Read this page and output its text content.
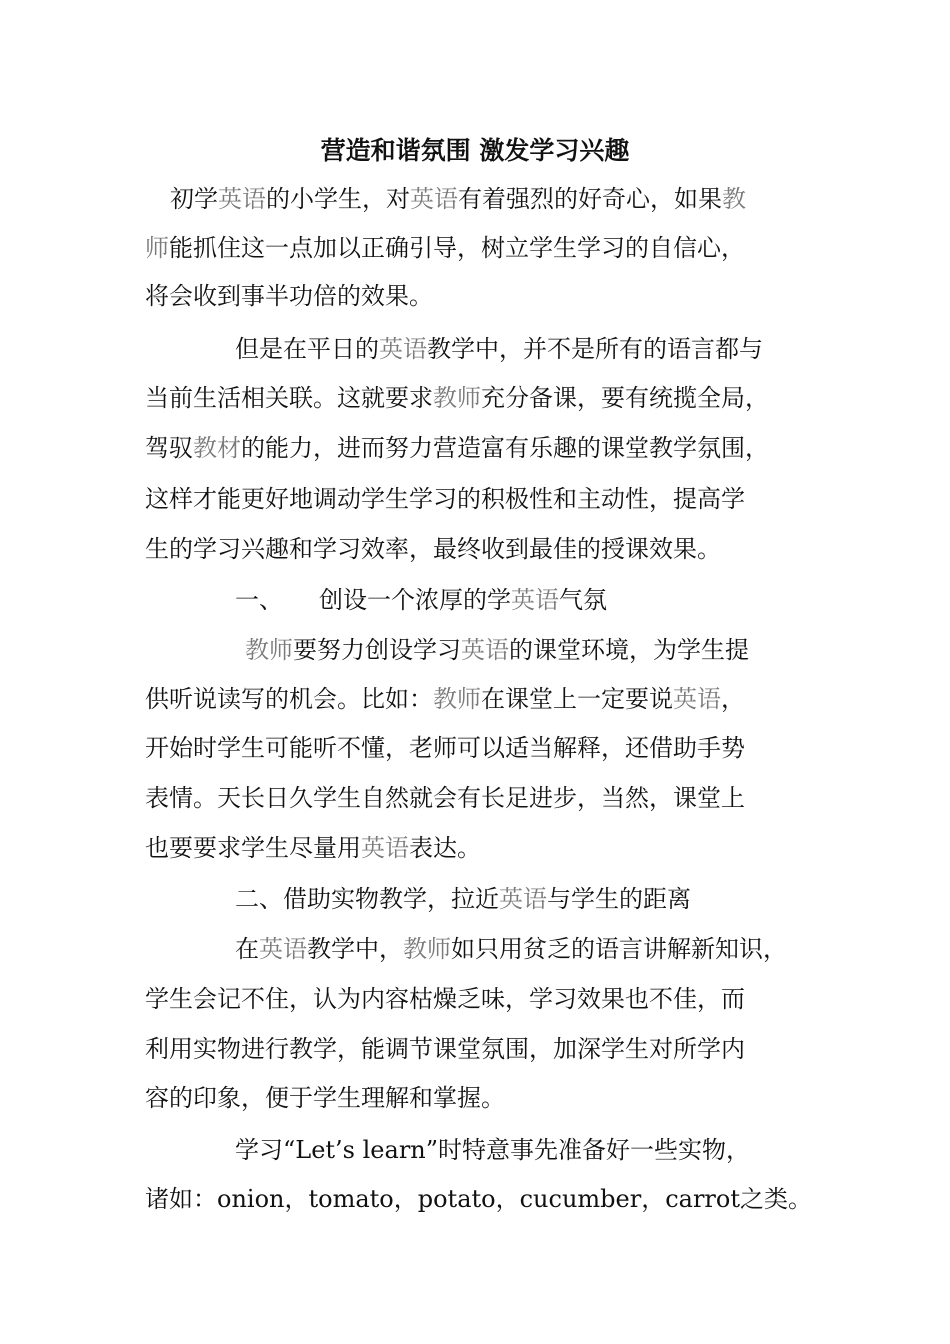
营造和谐氛围 激发学习兴趣
初学英语的小学生，对英语有着强烈的好奇心，如果教
师能抓住这一点加以正确引导，树立学生学习的自信心，
将会收到事半功倍的效果。
但是在平日的英语教学中，并不是所有的语言都与
当前生活相关联。这就要求教师充分备课，要有统揽全局，
驾驭教材的能力，进而努力营造富有乐趣的课堂教学氛围，
这样才能更好地调动学生学习的积极性和主动性，提高学
生的学习兴趣和学习效率，最终收到最佳的授课效果。
一、 创设一个浓厚的学英语气氛
教师要努力创设学习英语的课堂环境，为学生提
供听说读写的机会。比如：教师在课堂上一定要说英语，
开始时学生可能听不懂，老师可以适当解释，还借助手势
表情。天长日久学生自然就会有长足进步，当然，课堂上
也要要求学生尽量用英语表达。
二、借助实物教学，拉近英语与学生的距离
在英语教学中，教师如只用贫乏的语言讲解新知识，
学生会记不住，认为内容枯燥乏味，学习效果也不佳，而
利用实物进行教学，能调节课堂氛围，加深学生对所学内
容的印象，便于学生理解和掌握。
学习“Let’s learn”时特意事先准备好一些实物，
诸如：onion，tomato，potato，cucumber，carrot之类。
